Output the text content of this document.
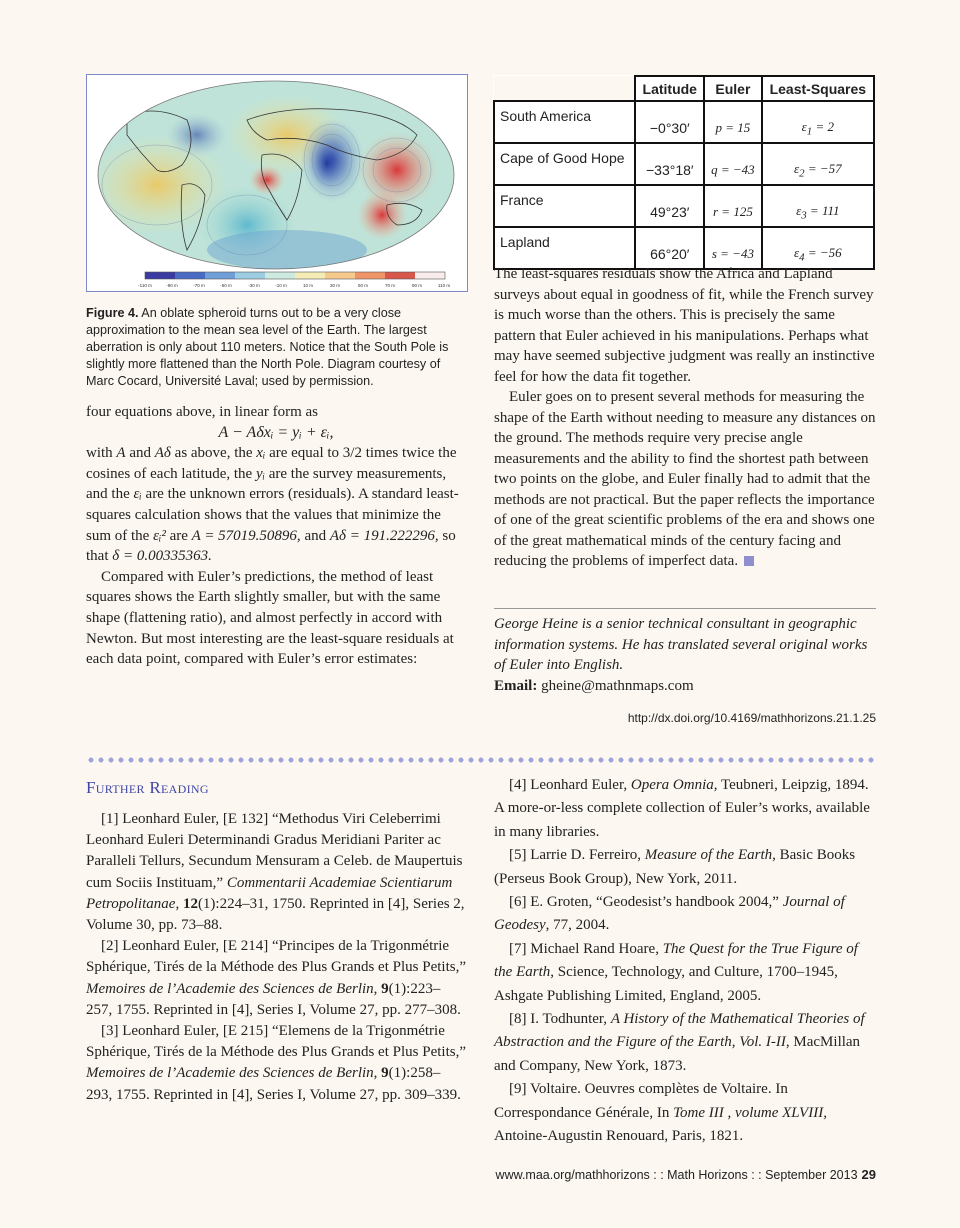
-110 m	-90 m	-70 m	-50 m	-30 m	-10 m	10 m	30 m	50 m	70 m	90 m	110 m
Figure 4. An oblate spheroid turns out to be a very close approximation to the mean sea level of the Earth. The largest aberration is only about 110 meters. Notice that the South Pole is slightly more flattened than the North Pole. Diagram courtesy of Marc Cocard, Université Laval; used by permission.

four equations above, in linear form as

A − Aδxᵢ = yᵢ + εᵢ,

with A and Aδ as above, the xᵢ are equal to 3/2 times twice the cosines of each latitude, the yᵢ are the survey measurements, and the εᵢ are the unknown errors (residuals). A standard least-squares calculation shows that the values that minimize the sum of the εᵢ² are A = 57019.50896, and Aδ = 191.222296, so that δ = 0.00335363.

Compared with Euler’s predictions, the method of least squares shows the Earth slightly smaller, but with the same shape (flattening ratio), and almost perfectly in accord with Newton. But most interesting are the least-square residuals at each data point, compared with Euler’s error estimates:

	Latitude	Euler	Least-Squares
South America	−0°30′	p = 15	$\varepsilon_1 = 2$
Cape of Good Hope	−33°18′	q = −43	$\varepsilon_2 = -57$
France	49°23′	r = 125	$\varepsilon_3 = 111$
Lapland	66°20′	s = −43	$\varepsilon_4 = -56$

The least-squares residuals show the Africa and Lapland surveys about equal in goodness of fit, while the French survey is much worse than the others. This is precisely the same pattern that Euler achieved in his manipulations. Perhaps what may have seemed subjective judgment was really an instinctive feel for how the data fit together.

Euler goes on to present several methods for measuring the shape of the Earth without needing to measure any distances on the ground. The methods require very precise angle measurements and the ability to find the shortest path between two points on the globe, and Euler finally had to admit that the methods are not practical. But the paper reflects the importance of one of the great scientific problems of the era and shows one of the great mathematical minds of the century facing and reducing the problems of imperfect data.

George Heine is a senior technical consultant in geographic information systems. He has translated several original works of Euler into English.

Email: gheine@mathnmaps.com

http://dx.doi.org/10.4169/mathhorizons.21.1.25
Further Reading

[1] Leonhard Euler, [E 132] “Methodus Viri Celeberrimi Leonhard Euleri Determinandi Gradus Meridiani Pariter ac Paralleli Tellurs, Secundum Mensuram a Celeb. de Maupertuis cum Sociis Instituam,” Commentarii Academiae Scientiarum Petropolitanae, 12(1):224–31, 1750. Reprinted in [4], Series 2, Volume 30, pp. 73–88.

[2] Leonhard Euler, [E 214] “Principes de la Trigonmétrie Sphérique, Tirés de la Méthode des Plus Grands et Plus Petits,” Memoires de l’Academie des Sciences de Berlin, 9(1):223–257, 1755. Reprinted in [4], Series I, Volume 27, pp. 277–308.

[3] Leonhard Euler, [E 215] “Elemens de la Trigonmétrie Sphérique, Tirés de la Méthode des Plus Grands et Plus Petits,” Memoires de l’Academie des Sciences de Berlin, 9(1):258–293, 1755. Reprinted in [4], Series I, Volume 27, pp. 309–339.

[4] Leonhard Euler, Opera Omnia, Teubneri, Leipzig, 1894. A more-or-less complete collection of Euler’s works, available in many libraries.

[5] Larrie D. Ferreiro, Measure of the Earth, Basic Books (Perseus Book Group), New York, 2011.

[6] E. Groten, “Geodesist’s handbook 2004,” Journal of Geodesy, 77, 2004.

[7] Michael Rand Hoare, The Quest for the True Figure of the Earth, Science, Technology, and Culture, 1700–1945, Ashgate Publishing Limited, England, 2005.

[8] I. Todhunter, A History of the Mathematical Theories of Abstraction and the Figure of the Earth, Vol. I-II, MacMillan and Company, New York, 1873.

[9] Voltaire. Oeuvres complètes de Voltaire. In Correspondance Générale, In Tome III , volume XLVIII, Antoine-Augustin Renouard, Paris, 1821.

www.maa.org/mathhorizons : : Math Horizons : : September 2013 29
